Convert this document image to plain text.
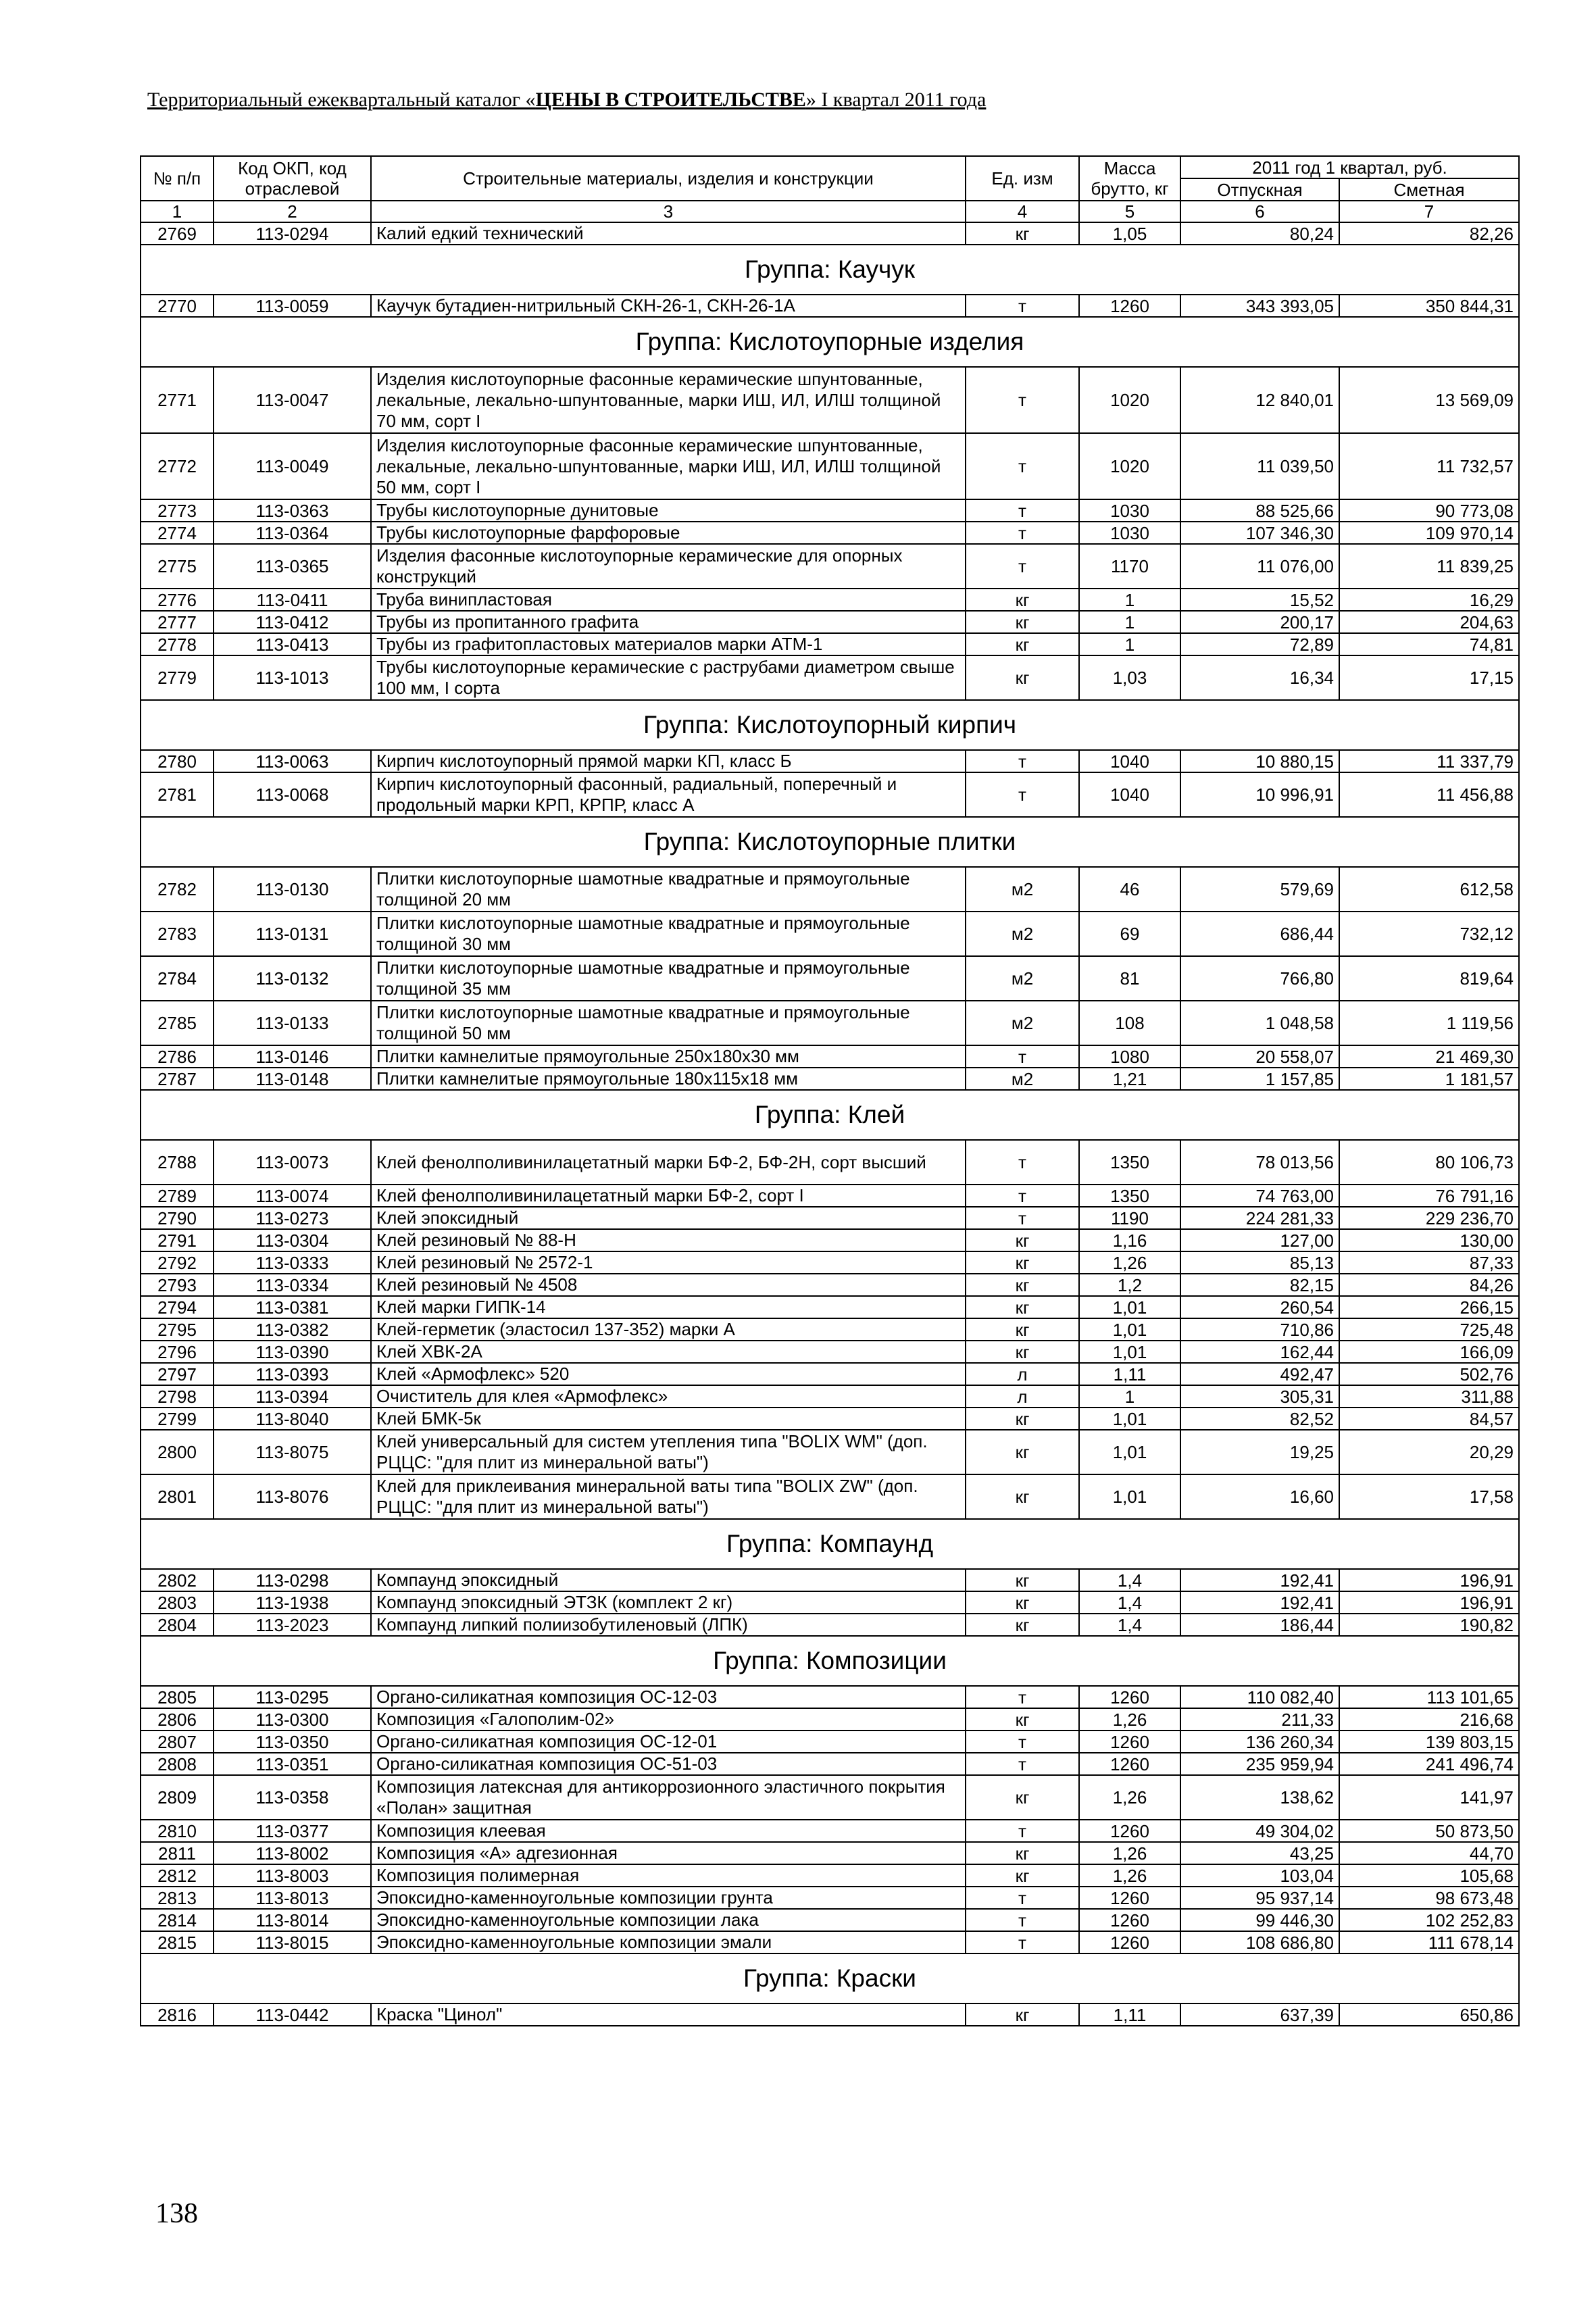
Территориальный ежеквартальный каталог «ЦЕНЫ В СТРОИТЕЛЬСТВЕ» I квартал 2011 года
№ п/п	Код ОКП, код отраслевой	Строительные материалы, изделия и конструкции	Ед. изм	Масса брутто, кг	2011 год 1 квартал, руб.	
					Отпускная	Сметная
1	2	3	4	5	6	7
2769	113-0294	Калий едкий технический	кг	1,05	80,24	82,26
Группа: Каучук						
2770	113-0059	Каучук бутадиен-нитрильный СКН-26-1, СКН-26-1А	т	1260	343 393,05	350 844,31
Группа: Кислотоупорные изделия						
2771	113-0047	Изделия кислотоупорные фасонные керамические шпунтованные, лекальные, лекально-шпунтованные, марки ИШ, ИЛ, ИЛШ толщиной 70 мм, сорт I	т	1020	12 840,01	13 569,09
2772	113-0049	Изделия кислотоупорные фасонные керамические шпунтованные, лекальные, лекально-шпунтованные, марки ИШ, ИЛ, ИЛШ толщиной 50 мм, сорт I	т	1020	11 039,50	11 732,57
2773	113-0363	Трубы кислотоупорные дунитовые	т	1030	88 525,66	90 773,08
2774	113-0364	Трубы кислотоупорные фарфоровые	т	1030	107 346,30	109 970,14
2775	113-0365	Изделия фасонные кислотоупорные керамические для опорных конструкций	т	1170	11 076,00	11 839,25
2776	113-0411	Труба винипластовая	кг	1	15,52	16,29
2777	113-0412	Трубы из пропитанного графита	кг	1	200,17	204,63
2778	113-0413	Трубы из графитопластовых материалов марки АТМ-1	кг	1	72,89	74,81
2779	113-1013	Трубы кислотоупорные керамические с раструбами диаметром свыше 100 мм, I сорта	кг	1,03	16,34	17,15
Группа: Кислотоупорный кирпич						
2780	113-0063	Кирпич кислотоупорный прямой марки КП, класс Б	т	1040	10 880,15	11 337,79
2781	113-0068	Кирпич кислотоупорный фасонный, радиальный, поперечный и продольный марки КРП, КРПР, класс А	т	1040	10 996,91	11 456,88
Группа: Кислотоупорные плитки						
2782	113-0130	Плитки кислотоупорные шамотные квадратные и прямоугольные толщиной 20 мм	м2	46	579,69	612,58
2783	113-0131	Плитки кислотоупорные шамотные квадратные и прямоугольные толщиной 30 мм	м2	69	686,44	732,12
2784	113-0132	Плитки кислотоупорные шамотные квадратные и прямоугольные толщиной 35 мм	м2	81	766,80	819,64
2785	113-0133	Плитки кислотоупорные шамотные квадратные и прямоугольные толщиной 50 мм	м2	108	1 048,58	1 119,56
2786	113-0146	Плитки камнелитые прямоугольные 250х180х30 мм	т	1080	20 558,07	21 469,30
2787	113-0148	Плитки камнелитые прямоугольные 180х115х18 мм	м2	1,21	1 157,85	1 181,57
Группа: Клей						
2788	113-0073	Клей фенолполивинилацетатный марки БФ-2, БФ-2Н, сорт высший	т	1350	78 013,56	80 106,73
2789	113-0074	Клей фенолполивинилацетатный марки БФ-2, сорт I	т	1350	74 763,00	76 791,16
2790	113-0273	Клей эпоксидный	т	1190	224 281,33	229 236,70
2791	113-0304	Клей резиновый № 88-Н	кг	1,16	127,00	130,00
2792	113-0333	Клей резиновый № 2572-1	кг	1,26	85,13	87,33
2793	113-0334	Клей резиновый № 4508	кг	1,2	82,15	84,26
2794	113-0381	Клей марки ГИПК-14	кг	1,01	260,54	266,15
2795	113-0382	Клей-герметик (эластосил 137-352) марки А	кг	1,01	710,86	725,48
2796	113-0390	Клей ХВК-2А	кг	1,01	162,44	166,09
2797	113-0393	Клей «Армофлекс» 520	л	1,11	492,47	502,76
2798	113-0394	Очиститель для клея «Армофлекс»	л	1	305,31	311,88
2799	113-8040	Клей БМК-5к	кг	1,01	82,52	84,57
2800	113-8075	Клей универсальный для систем утепления типа "BOLIX WM" (доп. РЦЦС: "для плит из минеральной ваты")	кг	1,01	19,25	20,29
2801	113-8076	Клей для приклеивания минеральной ваты типа "BOLIX ZW" (доп. РЦЦС: "для плит из минеральной ваты")	кг	1,01	16,60	17,58
Группа: Компаунд						
2802	113-0298	Компаунд эпоксидный	кг	1,4	192,41	196,91
2803	113-1938	Компаунд эпоксидный ЭТЗК (комплект 2 кг)	кг	1,4	192,41	196,91
2804	113-2023	Компаунд липкий полиизобутиленовый (ЛПК)	кг	1,4	186,44	190,82
Группа: Композиции						
2805	113-0295	Органо-силикатная композиция ОС-12-03	т	1260	110 082,40	113 101,65
2806	113-0300	Композиция «Галополим-02»	кг	1,26	211,33	216,68
2807	113-0350	Органо-силикатная композиция ОС-12-01	т	1260	136 260,34	139 803,15
2808	113-0351	Органо-силикатная композиция ОС-51-03	т	1260	235 959,94	241 496,74
2809	113-0358	Композиция латексная для антикоррозионного эластичного покрытия «Полан» защитная	кг	1,26	138,62	141,97
2810	113-0377	Композиция клеевая	т	1260	49 304,02	50 873,50
2811	113-8002	Композиция «А» адгезионная	кг	1,26	43,25	44,70
2812	113-8003	Композиция полимерная	кг	1,26	103,04	105,68
2813	113-8013	Эпоксидно-каменноугольные композиции грунта	т	1260	95 937,14	98 673,48
2814	113-8014	Эпоксидно-каменноугольные композиции лака	т	1260	99 446,30	102 252,83
2815	113-8015	Эпоксидно-каменноугольные композиции эмали	т	1260	108 686,80	111 678,14
Группа: Краски						
2816	113-0442	Краска "Цинол"	кг	1,11	637,39	650,86
138
